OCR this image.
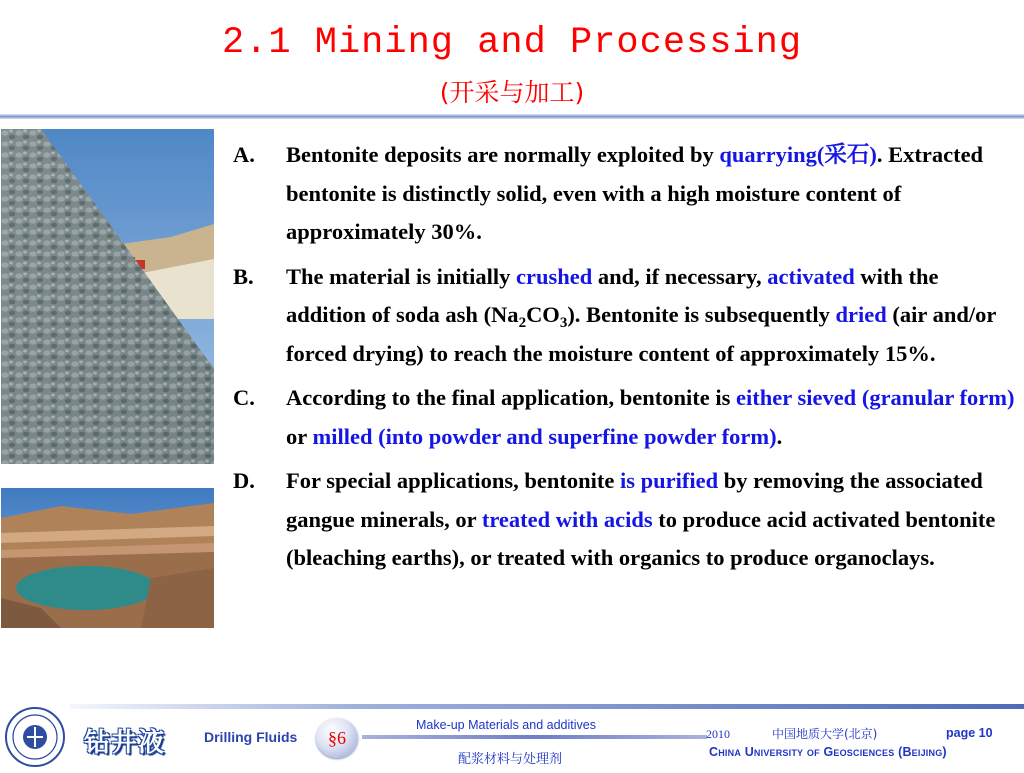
2.1 Mining and Processing
(开采与加工)
A. Bentonite deposits are normally exploited by quarrying(采石). Extracted bentonite is distinctly solid, even with a high moisture content of approximately 30%.
B. The material is initially crushed and, if necessary, activated with the addition of soda ash $(Na_2CO_3)$. Bentonite is subsequently dried (air and/or forced drying) to reach the moisture content of approximately 15%.
C. According to the final application, bentonite is either sieved (granular form) or milled (into powder and superfine powder form).
D. For special applications, bentonite is purified by removing the associated gangue minerals, or treated with acids to produce acid activated bentonite (bleaching earths), or treated with organics to produce organoclays.
钻井液	Drilling Fluids	§6
Make-up Materials and additives
配浆材料与处理剂
2010	中国地质大学(北京)	page 10
China University of Geosciences (Beijing)
